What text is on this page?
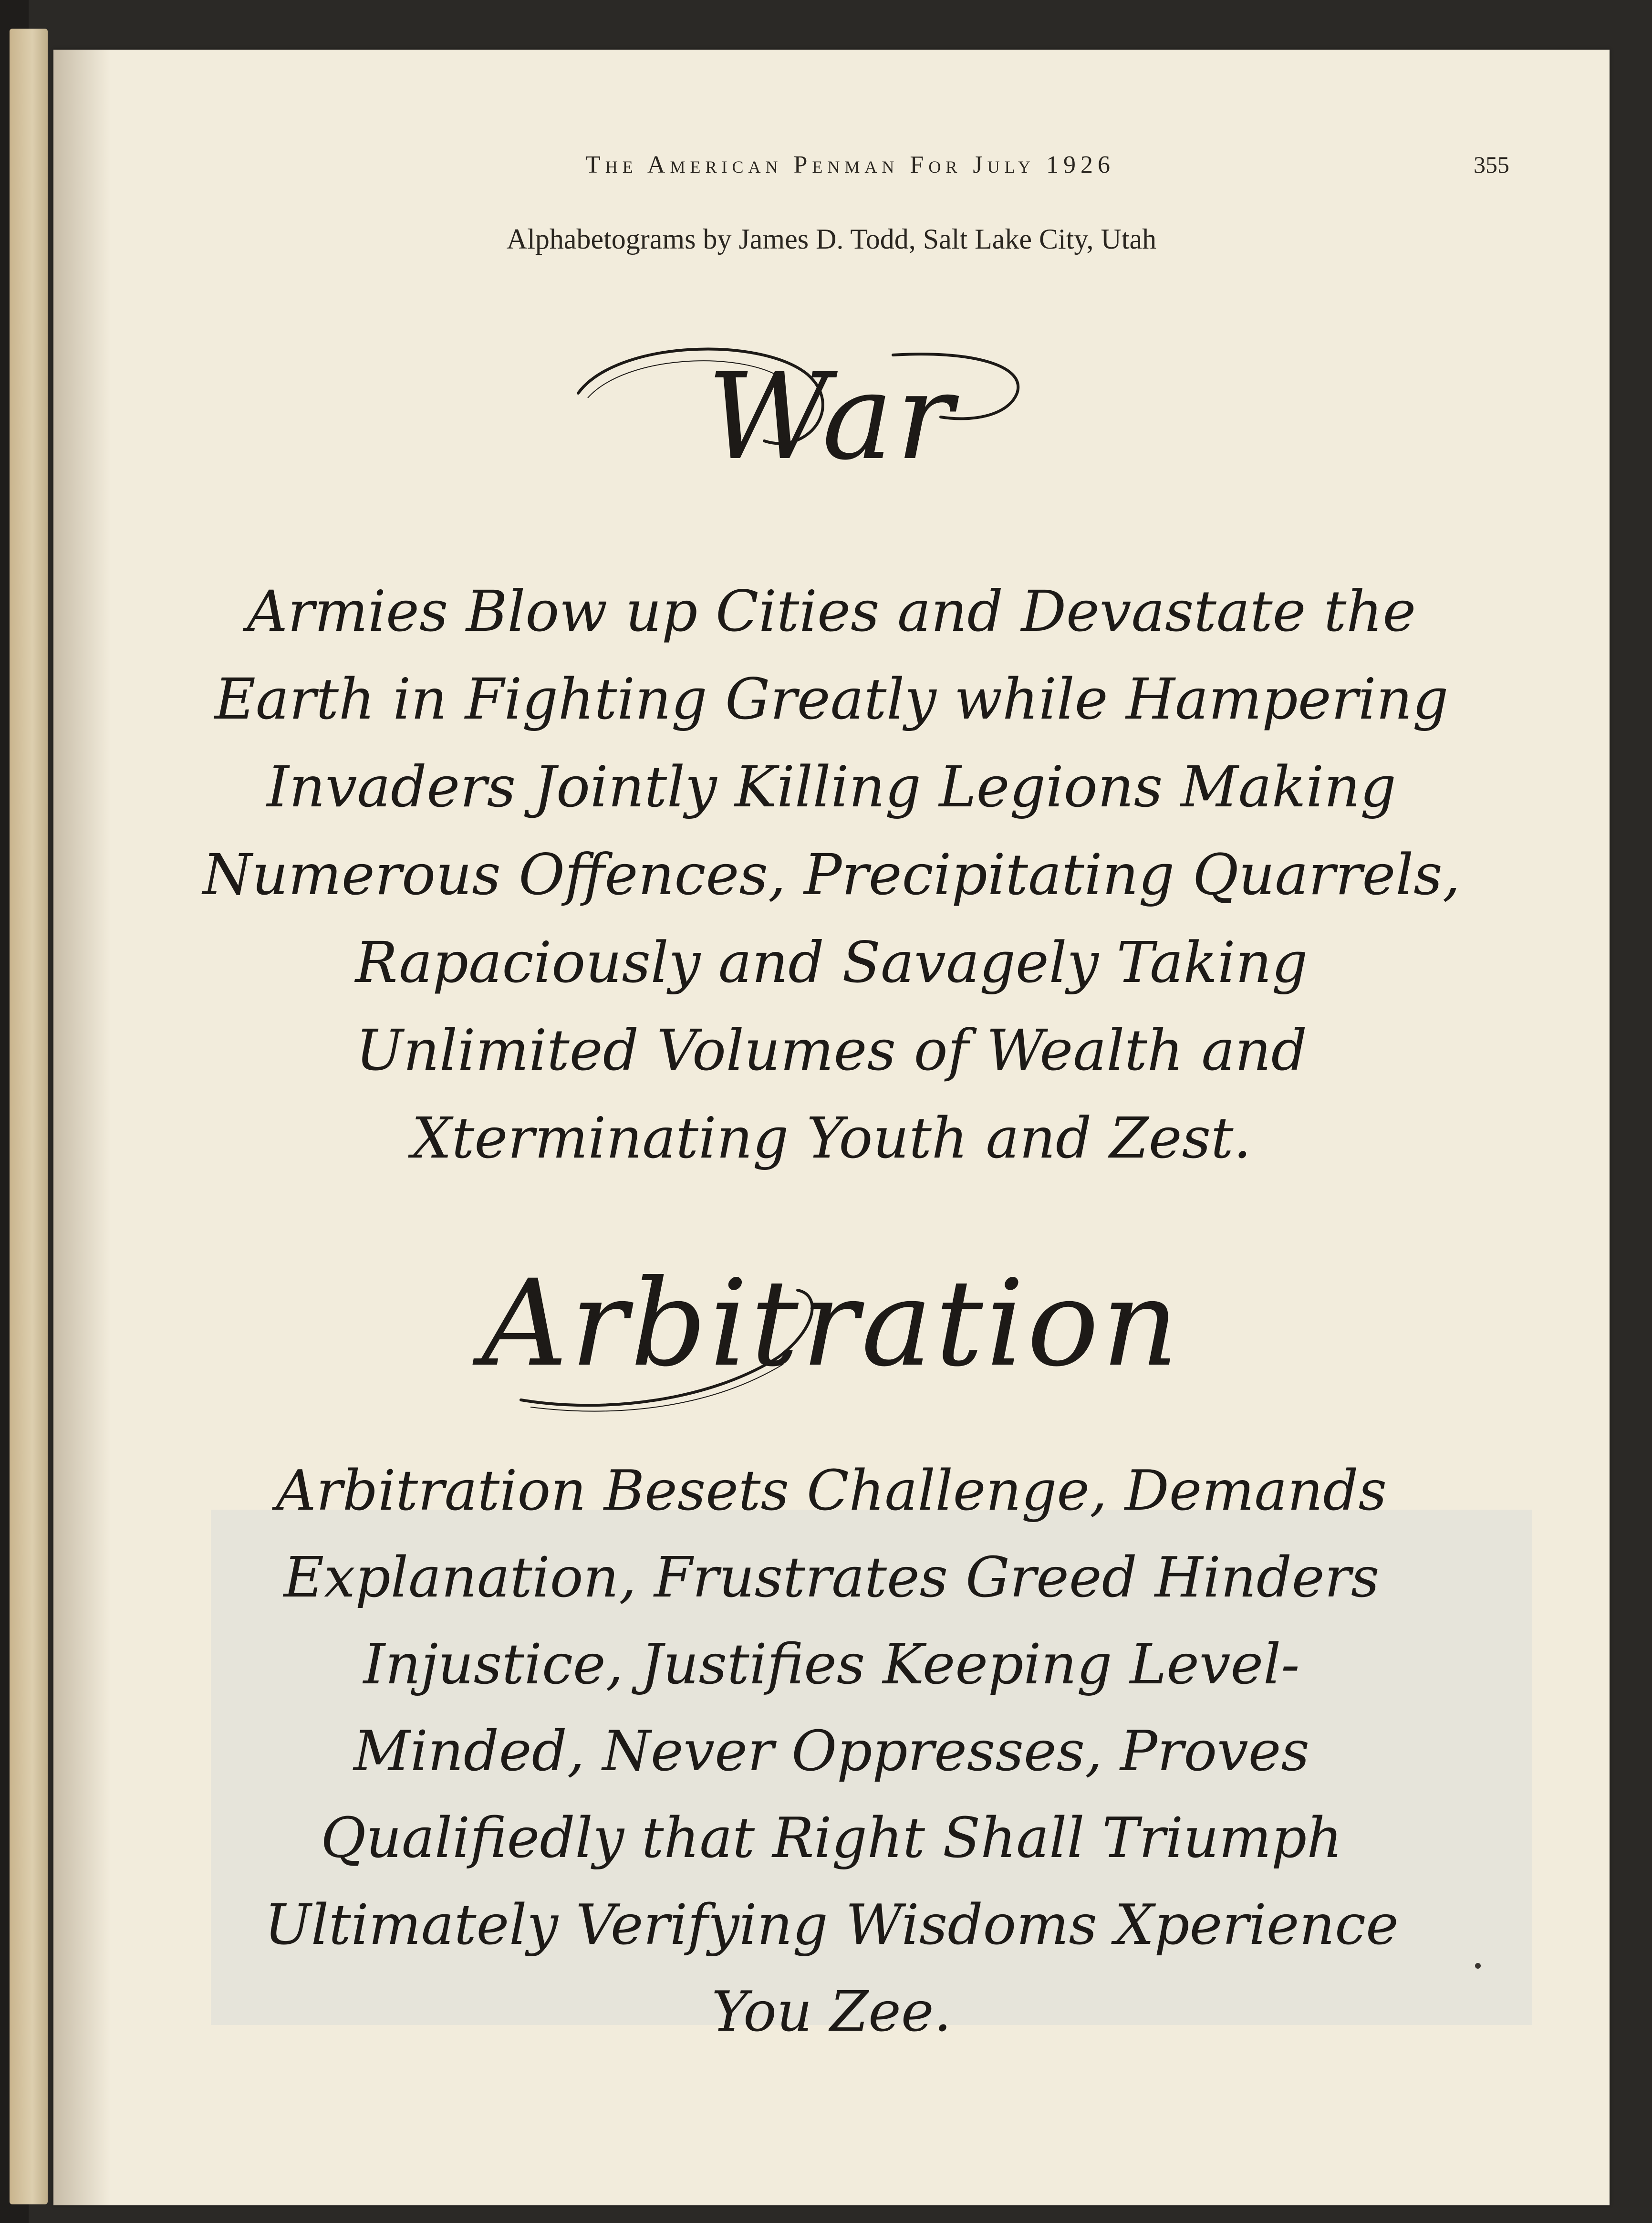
The American Penman For July 1926	355
Alphabetograms by James D. Todd, Salt Lake City, Utah
War
Armies Blow up Cities and Devastate the
Earth in Fighting Greatly while Hampering
Invaders Jointly Killing Legions Making
Numerous Offences, Precipitating Quarrels,
Rapaciously and Savagely Taking
Unlimited Volumes of Wealth and
Xterminating Youth and Zest.
Arbitration
Arbitration Besets Challenge, Demands
Explanation, Frustrates Greed Hinders
Injustice, Justifies Keeping Level-
Minded, Never Oppresses, Proves
Qualifiedly that Right Shall Triumph
Ultimately Verifying Wisdoms Xperience
You Zee.
